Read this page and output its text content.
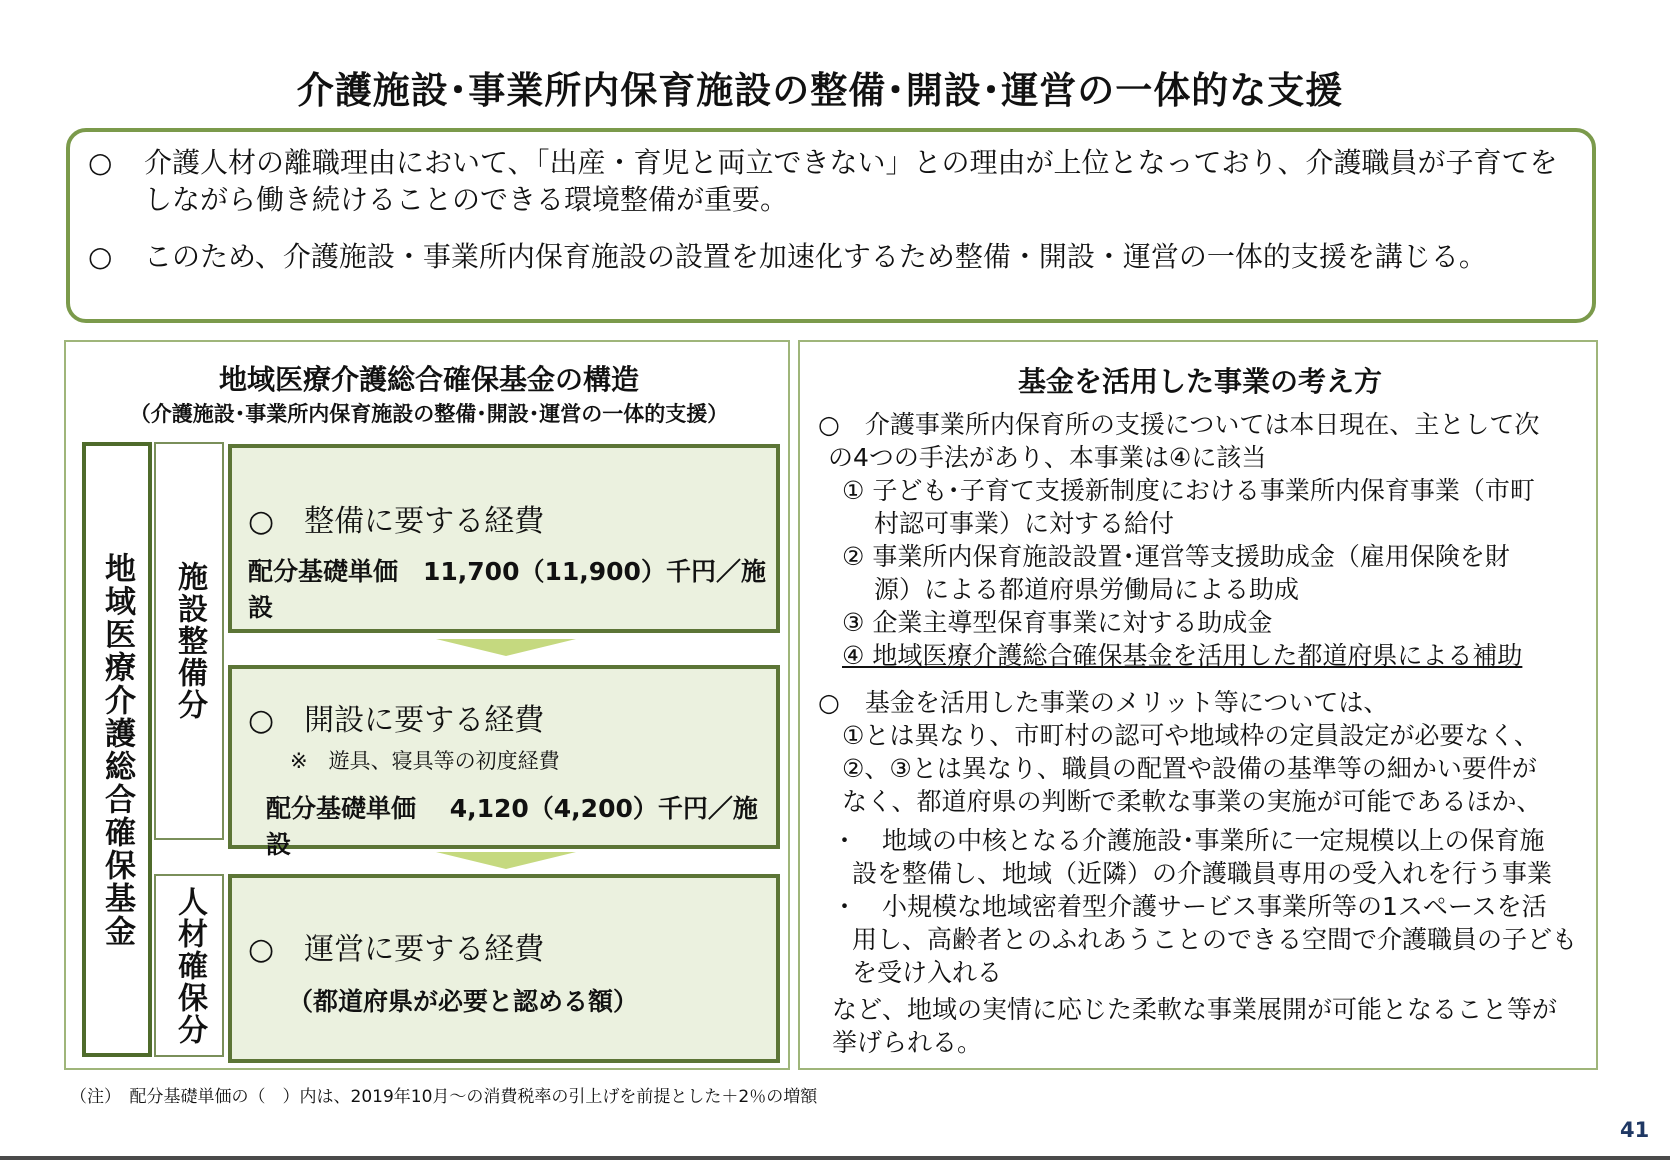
介護施設･事業所内保育施設の整備･開設･運営の一体的な支援
○	介護人材の離職理由において、「出産・育児と両立できない」との理由が上位となっており、介護職員が子育てをしながら働き続けることのできる環境整備が重要。
○	このため、介護施設・事業所内保育施設の設置を加速化するため整備・開設・運営の一体的支援を講じる。
地域医療介護総合確保基金の構造
（介護施設･事業所内保育施設の整備･開設･運営の一体的支援）
地域医療介護総合確保基金	施設整備分
人材確保分
○　整備に要する経費
配分基礎単価　11,700（11,900）千円／施設
○　開設に要する経費
※　遊具、寝具等の初度経費
配分基礎単価　 4,120（4,200）千円／施設
○　運営に要する経費
（都道府県が必要と認める額）
基金を活用した事業の考え方
○　介護事業所内保育所の支援については本日現在、主として次
の4つの手法があり、本事業は④に該当
① 子ども･子育て支援新制度における事業所内保育事業（市町
村認可事業）に対する給付
② 事業所内保育施設設置･運営等支援助成金（雇用保険を財
源）による都道府県労働局による助成
③ 企業主導型保育事業に対する助成金
④ 地域医療介護総合確保基金を活用した都道府県による補助
○　基金を活用した事業のメリット等については、
①とは異なり、市町村の認可や地域枠の定員設定が必要なく、
②、③とは異なり、職員の配置や設備の基準等の細かい要件が
なく、都道府県の判断で柔軟な事業の実施が可能であるほか、
・　地域の中核となる介護施設･事業所に一定規模以上の保育施
設を整備し、地域（近隣）の介護職員専用の受入れを行う事業
・　小規模な地域密着型介護サービス事業所等の1スペースを活
用し、高齢者とのふれあうことのできる空間で介護職員の子ども
を受け入れる
など、地域の実情に応じた柔軟な事業展開が可能となること等が
挙げられる。
（注）　配分基礎単価の（　）内は、2019年10月～の消費税率の引上げを前提とした＋2％の増額
41
